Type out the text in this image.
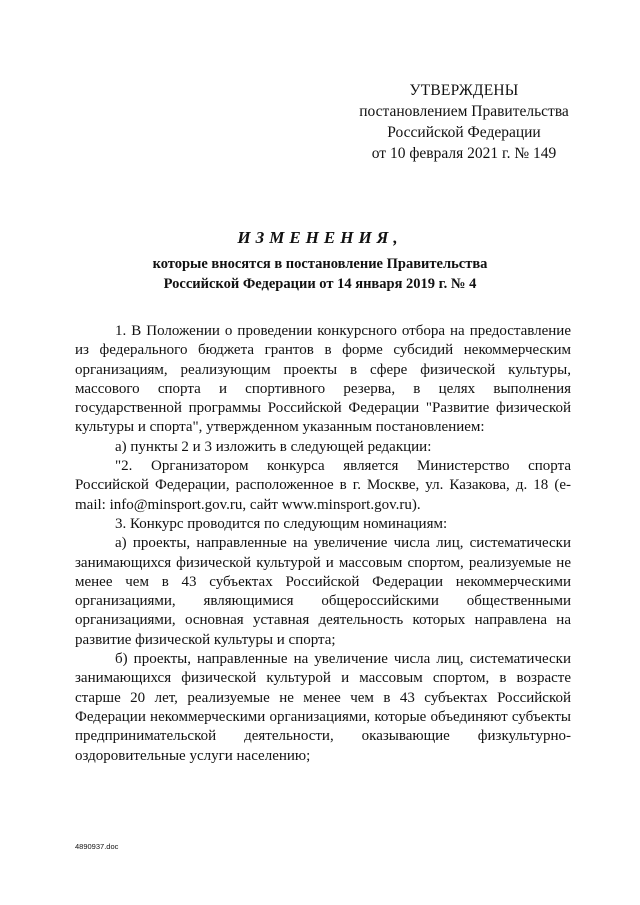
УТВЕРЖДЕНЫ
постановлением Правительства
Российской Федерации
от 10 февраля 2021 г. № 149
ИЗМЕНЕНИЯ,
которые вносятся в постановление Правительства
Российской Федерации от 14 января 2019 г. № 4

1. В Положении о проведении конкурсного отбора на предоставление из федерального бюджета грантов в форме субсидий некоммерческим организациям, реализующим проекты в сфере физической культуры, массового спорта и спортивного резерва, в целях выполнения государственной программы Российской Федерации "Развитие физической культуры и спорта", утвержденном указанным постановлением:

а) пункты 2 и 3 изложить в следующей редакции:

"2. Организатором конкурса является Министерство спорта Российской Федерации, расположенное в г. Москве, ул. Казакова, д. 18 (e-mail: info@minsport.gov.ru, сайт www.minsport.gov.ru).

3. Конкурс проводится по следующим номинациям:

а) проекты, направленные на увеличение числа лиц, систематически занимающихся физической культурой и массовым спортом, реализуемые не менее чем в 43 субъектах Российской Федерации некоммерческими организациями, являющимися общероссийскими общественными организациями, основная уставная деятельность которых направлена на развитие физической культуры и спорта;

б) проекты, направленные на увеличение числа лиц, систематически занимающихся физической культурой и массовым спортом, в возрасте старше 20 лет, реализуемые не менее чем в 43 субъектах Российской Федерации некоммерческими организациями, которые объединяют субъекты предпринимательской деятельности, оказывающие физкультурно-оздоровительные услуги населению;

4890937.doc
